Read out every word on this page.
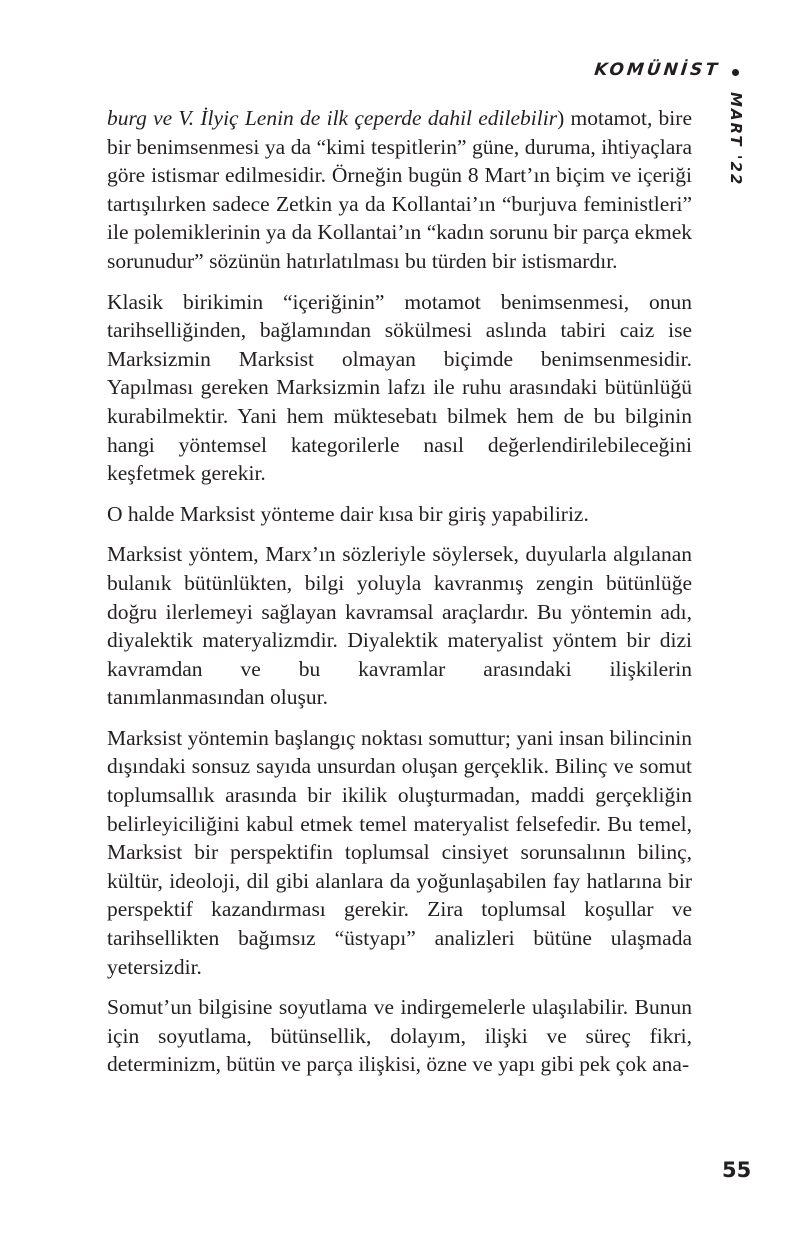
KOMÜNİST
MART '22

burg ve V. İlyiç Lenin de ilk çeperde dahil edilebilir) motamot, bire bir benimsenmesi ya da “kimi tespitlerin” güne, duruma, ihtiyaçlara göre istismar edilmesidir. Örneğin bugün 8 Mart’ın biçim ve içeriği tartışılırken sadece Zetkin ya da Kollantai’ın “burjuva feministleri” ile polemiklerinin ya da Kollantai’ın “kadın sorunu bir parça ekmek sorunudur” sözünün hatırlatılması bu türden bir istismardır.

Klasik birikimin “içeriğinin” motamot benimsenmesi, onun tarihselliğinden, bağlamından sökülmesi aslında tabiri caiz ise Marksizmin Marksist olmayan biçimde benimsenmesidir. Yapılması gereken Marksizmin lafzı ile ruhu arasındaki bütünlüğü kurabilmektir. Yani hem müktesebatı bilmek hem de bu bilginin hangi yöntemsel kategorilerle nasıl değerlendirilebileceğini keşfetmek gerekir.

O halde Marksist yönteme dair kısa bir giriş yapabiliriz.

Marksist yöntem, Marx’ın sözleriyle söylersek, duyularla algılanan bulanık bütünlükten, bilgi yoluyla kavranmış zengin bütünlüğe doğru ilerlemeyi sağlayan kavramsal araçlardır. Bu yöntemin adı, diyalektik materyalizmdir. Diyalektik materyalist yöntem bir dizi kavramdan ve bu kavramlar arasındaki ilişkilerin tanımlanmasından oluşur.

Marksist yöntemin başlangıç noktası somuttur; yani insan bilincinin dışındaki sonsuz sayıda unsurdan oluşan gerçeklik. Bilinç ve somut toplumsallık arasında bir ikilik oluşturmadan, maddi gerçekliğin belirleyiciliğini kabul etmek temel materyalist felsefedir. Bu temel, Marksist bir perspektifin toplumsal cinsiyet sorunsalının bilinç, kültür, ideoloji, dil gibi alanlara da yoğunlaşabilen fay hatlarına bir perspektif kazandırması gerekir. Zira toplumsal koşullar ve tarihsellikten bağımsız “üstyapı” analizleri bütüne ulaşmada yetersizdir.

Somut’un bilgisine soyutlama ve indirgemelerle ulaşılabilir. Bunun için soyutlama, bütünsellik, dolayım, ilişki ve süreç fikri, determinizm, bütün ve parça ilişkisi, özne ve yapı gibi pek çok ana-

55
